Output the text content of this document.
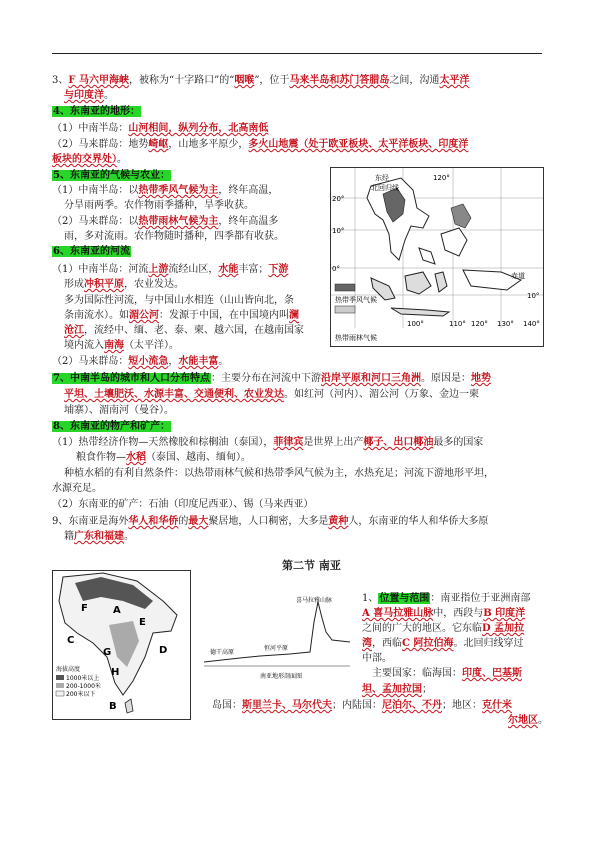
3、F 马六甲海峡，被称为“十字路口”的“咽喉”，位于马来半岛和苏门答腊岛之间，沟通太平洋
与印度洋。
4、东南亚的地形：
（1）中南半岛：山河相间，纵列分布，北高南低
（2）马来群岛：地势崎岖，山地多平原少，多火山地震（处于欧亚板块、太平洋板块、印度洋
板块的交界处）。
5、东南亚的气候与农业：
（1）中南半岛：以热带季风气候为主，终年高温，
分旱雨两季。农作物雨季播种，旱季收获。
（2）马来群岛：以热带雨林气候为主，终年高温多
雨，多对流雨。农作物随时播种，四季都有收获。
6、东南亚的河流
（1）中南半岛：河流上游流经山区，水能丰富；下游
形成冲积平原，农业发达。
多为国际性河流，与中国山水相连（山山皆向北，条
条南流水）。如湄公河：发源于中国，在中国境内叫澜
沧江，流经中、缅、老、泰、柬、越六国，在越南国家
境内流入南海（太平洋）。
（2）马来群岛：短小流急，水能丰富。
7、中南半岛的城市和人口分布特点：主要分布在河流中下游沿岸平原和河口三角洲。原因是：地势
平坦、土壤肥沃、水源丰富、交通便利、农业发达。如红河（河内）、湄公河（万象、金边一柬
埔寨）、湄南河（曼谷）。
8、东南亚的物产和矿产：
（1）热带经济作物—天然橡胶和棕榈油（泰国），菲律宾是世界上出产椰子、出口椰油最多的国家
粮食作物—水稻（泰国、越南、缅甸）。
种植水稻的有利自然条件：以热带雨林气候和热带季风气候为主，水热充足；河流下游地形平坦，
水源充足。
（2）东南亚的矿产：石油（印度尼西亚）、锡（马来西亚）
9、东南亚是海外华人和华侨的最大聚居地，人口稠密，大多是黄种人，东南亚的华人和华侨大多原
籍广东和福建。
东经
北回归线
120°
20°
10°
0°
赤道
10°
100°	110° 120° 130° 140°
热带季风气候
热带雨林气候
第二节 南亚
F
C
A
E
D
G
H
B
海拔高度
1000米以上
200-1000米
200米以下
喜马拉雅山脉
恒河平原
德干高原
南亚地形剖面图
1、位置与范围：南亚指位于亚洲南部
A 喜马拉雅山脉中，西段与B 印度洋
之间的广大的地区。它东临D 孟加拉
湾，西临C 阿拉伯海。北回归线穿过
中部。
主要国家：临海国：印度、巴基斯
坦、孟加拉国；
岛国：斯里兰卡、马尔代夫；内陆国：尼泊尔、不丹；地区：克什米
尔地区。
